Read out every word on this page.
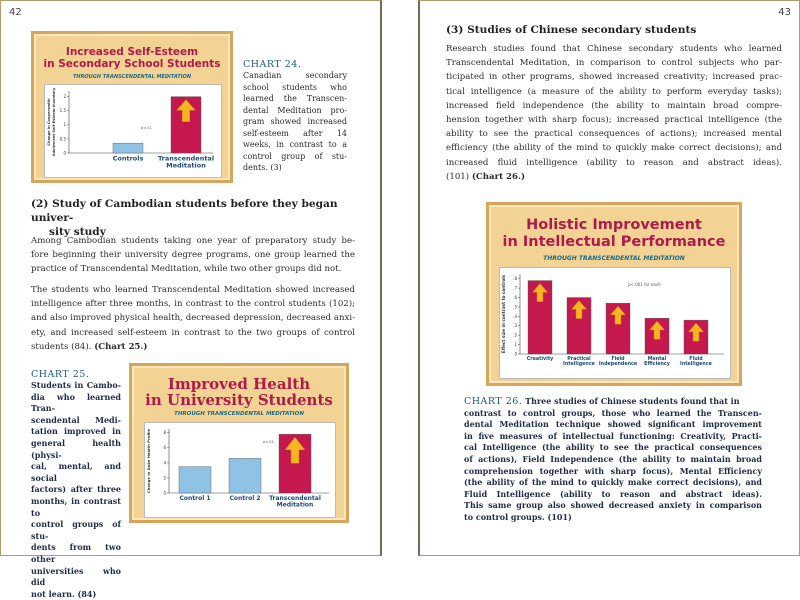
42
Increased Self-Esteem
in Secondary School Students
THROUGH TRANSCENDENTAL MEDITATION
0
0.5
1
1.5
2
Change in Coopersmith Adolescent Self-Esteem Inventory
Controls Transcendental
Meditation
p<.01
CHART 24.
Canadian secondary
school students who
learned the Transcen-
dental Meditation pro-
gram showed increased
self-esteem after 14
weeks, in contrast to a
control group of stu-
dents. (3)
(2) Study of Cambodian students before they began univer-
sity study
Among Cambodian students taking one year of preparatory study be-
fore beginning their university degree programs, one group learned the
practice of Transcendental Meditation, while two other groups did not.
The students who learned Transcendental Meditation showed increased
intelligence after three months, in contrast to the control students (102);
and also improved physical health, decreased depression, decreased anxi-
ety, and increased self-esteem in contrast to the two groups of control
students (84). (Chart 25.)
CHART 25.
Students in Cambo-
dia who learned Tran-
scendental Medi-
tation improved in
general health (physi-
cal, mental, and social
factors) after three
months, in contrast to
control groups of stu-
dents from two other
universities who did
not learn. (84)
Improved Health
in University Students
THROUGH TRANSCENDENTAL MEDITATION
0
2
4
6
8
Change in Duke Health Profile
Control 1	Control 2 Transcendental
Meditation
p<.01
43
(3) Studies of Chinese secondary students
Research studies found that Chinese secondary students who learned
Transcendental Meditation, in comparison to control subjects who par-
ticipated in other programs, showed increased creativity; increased prac-
tical intelligence (a measure of the ability to perform everyday tasks);
increased field independence (the ability to maintain broad compre-
hension together with sharp focus); increased practical intelligence (the
ability to see the practical consequences of actions); increased mental
efficiency (the ability of the mind to quickly make correct decisions); and
increased fluid intelligence (ability to reason and abstract ideas).
(101) (Chart 26.)
Holistic Improvement
in Intellectual Performance
THROUGH TRANSCENDENTAL MEDITATION
0
.1
.2
.3
.4
.5
.6
.7
.8
Effect size in contrast to controls
Creativity	Practical
Intelligence
Field
Independence
Mental
Efficiency
Fluid
Intelligence
p<.001 for each
CHART 26. Three studies of Chinese students found that in
contrast to control groups, those who learned the Transcen-
dental Meditation technique showed significant improvement
in five measures of intellectual functioning: Creativity, Practi-
cal Intelligence (the ability to see the practical consequences
of actions), Field Independence (the ability to maintain broad
comprehension together with sharp focus), Mental Efficiency
(the ability of the mind to quickly make correct decisions), and
Fluid Intelligence (ability to reason and abstract ideas).
This same group also showed decreased anxiety in comparison
to control groups. (101)
